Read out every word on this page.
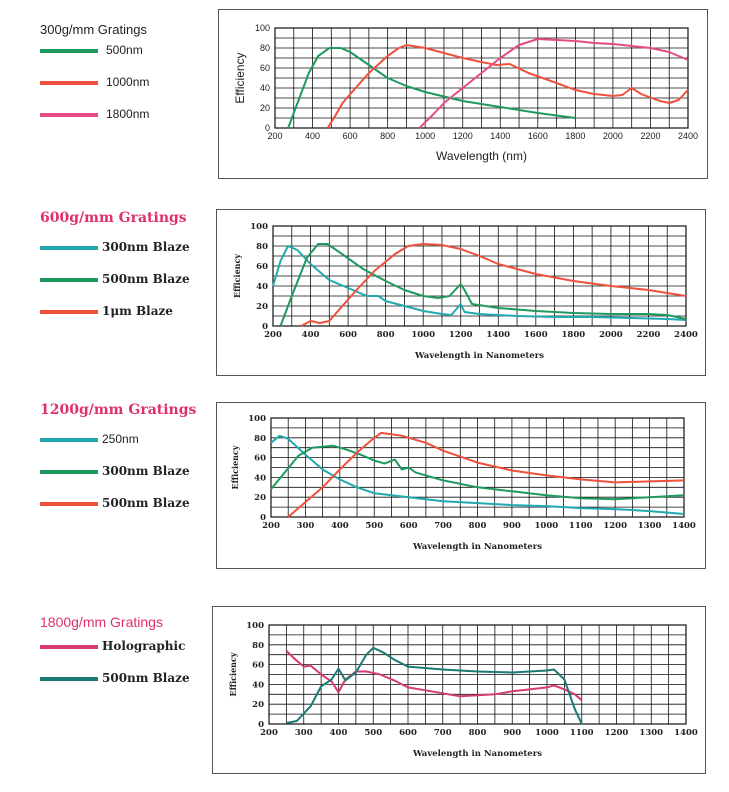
300g/mm Gratings
500nm
1000nm
1800nm
600g/mm Gratings
300nm Blaze
500nm Blaze
1μm Blaze
1200g/mm Gratings
250nm
300nm Blaze
500nm Blaze
1800g/mm Gratings
Holographic
500nm Blaze
200	400	600	800 1000 1200 1400 1600 1800 2000 2200 2400
0
20
40
60
80
100
Wavelength (nm)
Efficiency
200 400 600 800 1000 1200 1400 1600 1800 2000 2200 2400
0
20
40
60
80
100
Wavelength in Nanometers
Efficiency
200 300 400 500 600 700 800 900 1000 1100 1200 1300 1400
0
20
40
60
80
100
Wavelength in Nanometers
Efficiency
200 300 400 500 600 700 800 900 1000 1100 1200 1300 1400
0
20
40
60
80
100
Wavelength in Nanometers
Efficiency
